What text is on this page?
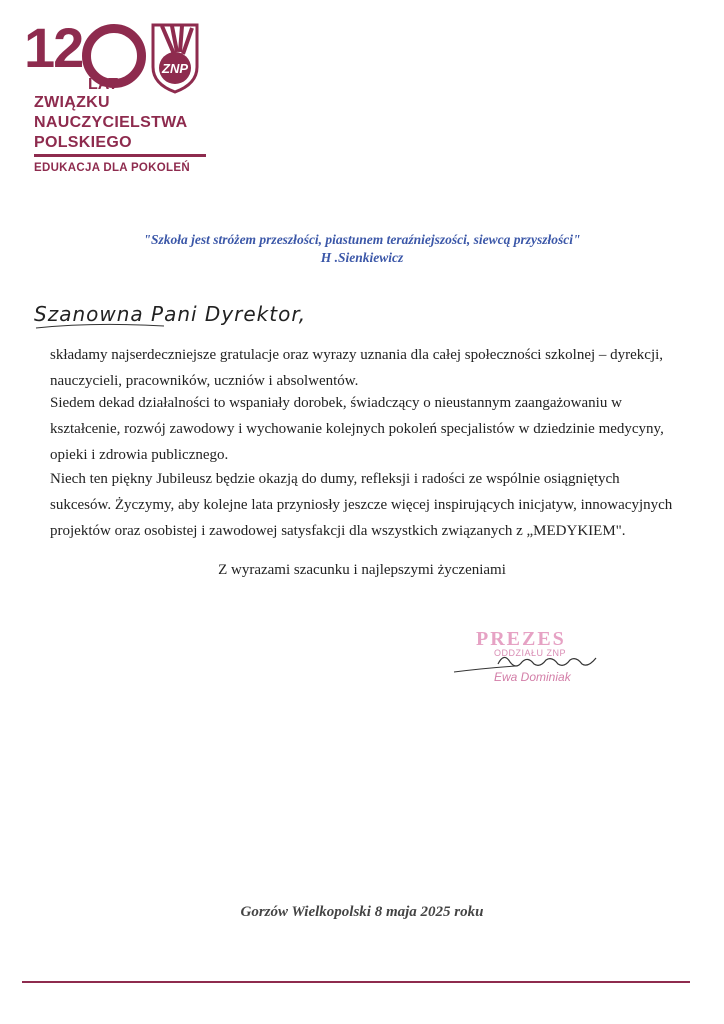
12
LAT
ZWIĄZKU
NAUCZYCIELSTWA
POLSKIEGO
EDUKACJA DLA POKOLEŃ
ZNP
"Szkoła jest stróżem przeszłości, piastunem teraźniejszości, siewcą przyszłości"
H .Sienkiewicz
Szanowna Pani Dyrektor,
składamy najserdeczniejsze gratulacje oraz wyrazy uznania dla całej społeczności szkolnej – dyrekcji,
nauczycieli, pracowników, uczniów i absolwentów.
Siedem dekad działalności to wspaniały dorobek, świadczący o nieustannym zaangażowaniu w
kształcenie, rozwój zawodowy i wychowanie kolejnych pokoleń specjalistów w dziedzinie medycyny,
opieki i zdrowia publicznego.
Niech ten piękny Jubileusz będzie okazją do dumy, refleksji i radości ze wspólnie osiągniętych
sukcesów. Życzymy, aby kolejne lata przyniosły jeszcze więcej inspirujących inicjatyw, innowacyjnych
projektów oraz osobistej i zawodowej satysfakcji dla wszystkich związanych z „MEDYKIEM".
Z wyrazami szacunku i najlepszymi życzeniami
PREZES
ODDZIAŁU ZNP
Ewa Dominiak
Gorzów Wielkopolski 8 maja 2025 roku
